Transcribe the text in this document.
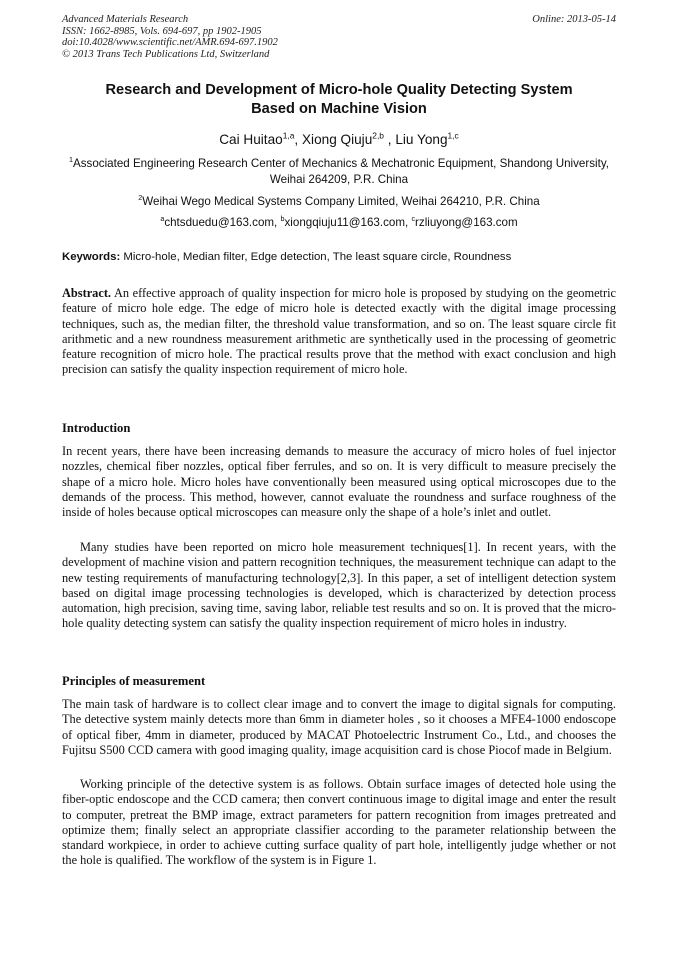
Advanced Materials Research
ISSN: 1662-8985, Vols. 694-697, pp 1902-1905
doi:10.4028/www.scientific.net/AMR.694-697.1902
© 2013 Trans Tech Publications Ltd, Switzerland
Online: 2013-05-14
Research and Development of Micro-hole Quality Detecting System
Based on Machine Vision
Cai Huitao$^{1,a}$, Xiong Qiuju$^{2,b}$ , Liu Yong$^{1,c}$
$^1$Associated Engineering Research Center of Mechanics & Mechatronic Equipment, Shandong University, Weihai 264209, P.R. China
$^2$Weihai Wego Medical Systems Company Limited, Weihai 264210, P.R. China
$^a$chtsduedu@163.com, $^b$xiongqiuju11@163.com, $^c$rzliuyong@163.com
Keywords: Micro-hole, Median filter, Edge detection, The least square circle, Roundness
Abstract. An effective approach of quality inspection for micro hole is proposed by studying on the geometric feature of micro hole edge. The edge of micro hole is detected exactly with the digital image processing techniques, such as, the median filter, the threshold value transformation, and so on. The least square circle fit arithmetic and a new roundness measurement arithmetic are synthetically used in the processing of geometric feature recognition of micro hole. The practical results prove that the method with exact conclusion and high precision can satisfy the quality inspection requirement of micro hole.
Introduction
In recent years, there have been increasing demands to measure the accuracy of micro holes of fuel injector nozzles, chemical fiber nozzles, optical fiber ferrules, and so on. It is very difficult to measure precisely the shape of a micro hole. Micro holes have conventionally been measured using optical microscopes due to the demands of the process. This method, however, cannot evaluate the roundness and surface roughness of the inside of holes because optical microscopes can measure only the shape of a hole’s inlet and outlet.
Many studies have been reported on micro hole measurement techniques[1]. In recent years, with the development of machine vision and pattern recognition techniques, the measurement technique can adapt to the new testing requirements of manufacturing technology[2,3]. In this paper, a set of intelligent detection system based on digital image processing technologies is developed, which is characterized by detection process automation, high precision, saving time, saving labor, reliable test results and so on. It is proved that the micro-hole quality detecting system can satisfy the quality inspection requirement of micro holes in industry.
Principles of measurement
The main task of hardware is to collect clear image and to convert the image to digital signals for computing. The detective system mainly detects more than 6mm in diameter holes , so it chooses a MFE4-1000 endoscope of optical fiber, 4mm in diameter, produced by MACAT Photoelectric Instrument Co., Ltd., and chooses the Fujitsu S500 CCD camera with good imaging quality, image acquisition card is chose Piocof made in Belgium.
Working principle of the detective system is as follows. Obtain surface images of detected hole using the fiber-optic endoscope and the CCD camera; then convert continuous image to digital image and enter the result to computer, pretreat the BMP image, extract parameters for pattern recognition from images pretreated and optimize them; finally select an appropriate classifier according to the parameter relationship between the standard workpiece, in order to achieve cutting surface quality of part hole, intelligently judge whether or not the hole is qualified. The workflow of the system is in Figure 1.
